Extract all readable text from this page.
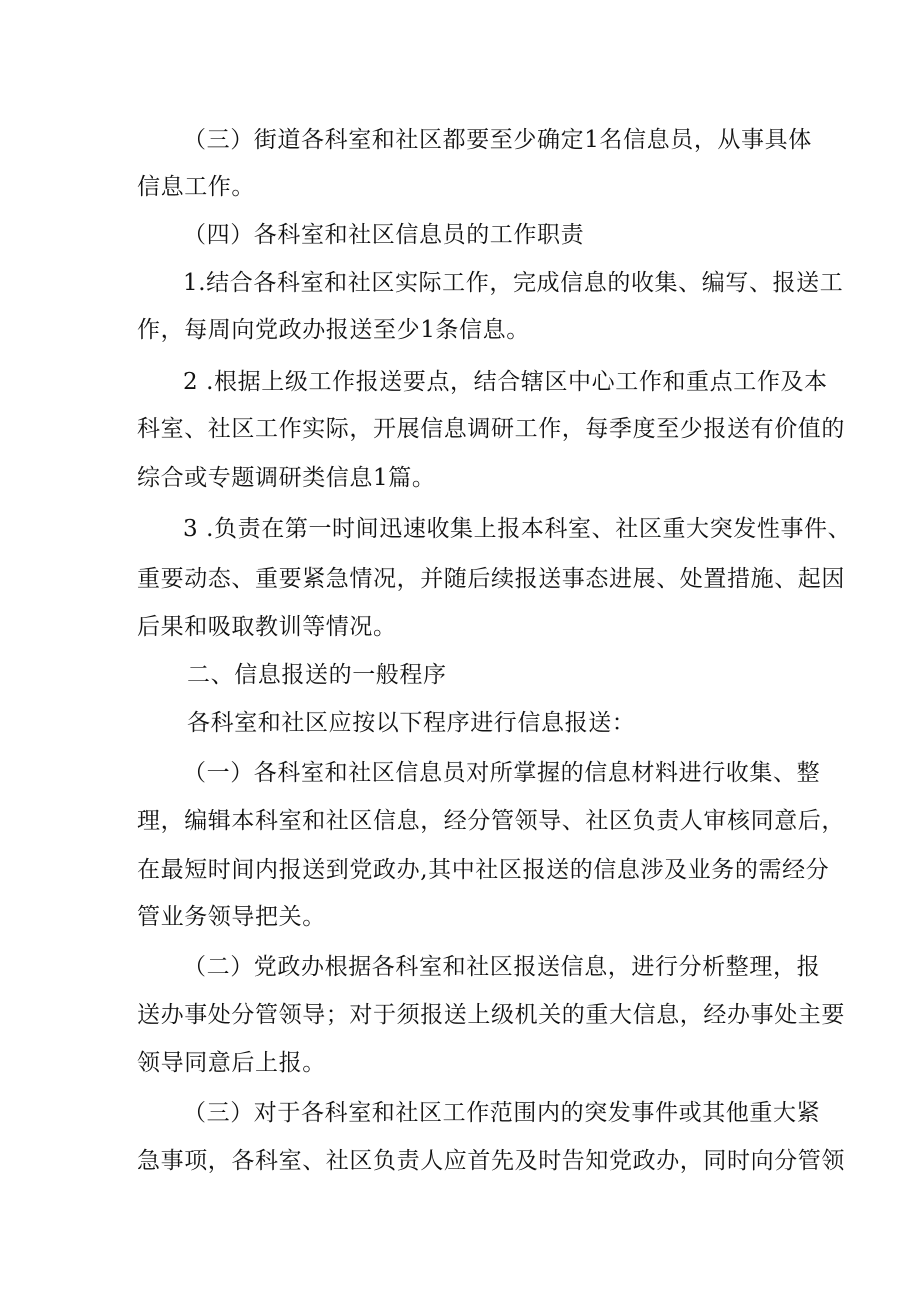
（三）街道各科室和社区都要至少确定1名信息员，从事具体
信息工作。
（四）各科室和社区信息员的工作职责
1.结合各科室和社区实际工作，完成信息的收集、编写、报送工
作，每周向党政办报送至少1条信息。
2 .根据上级工作报送要点，结合辖区中心工作和重点工作及本
科室、社区工作实际，开展信息调研工作，每季度至少报送有价值的
综合或专题调研类信息1篇。
3 .负责在第一时间迅速收集上报本科室、社区重大突发性事件、
重要动态、重要紧急情况，并随后续报送事态进展、处置措施、起因
后果和吸取教训等情况。
二、信息报送的一般程序
各科室和社区应按以下程序进行信息报送：
（一）各科室和社区信息员对所掌握的信息材料进行收集、整
理，编辑本科室和社区信息，经分管领导、社区负责人审核同意后，
在最短时间内报送到党政办,其中社区报送的信息涉及业务的需经分
管业务领导把关。
（二）党政办根据各科室和社区报送信息，进行分析整理，报
送办事处分管领导；对于须报送上级机关的重大信息，经办事处主要
领导同意后上报。
（三）对于各科室和社区工作范围内的突发事件或其他重大紧
急事项，各科室、社区负责人应首先及时告知党政办，同时向分管领
